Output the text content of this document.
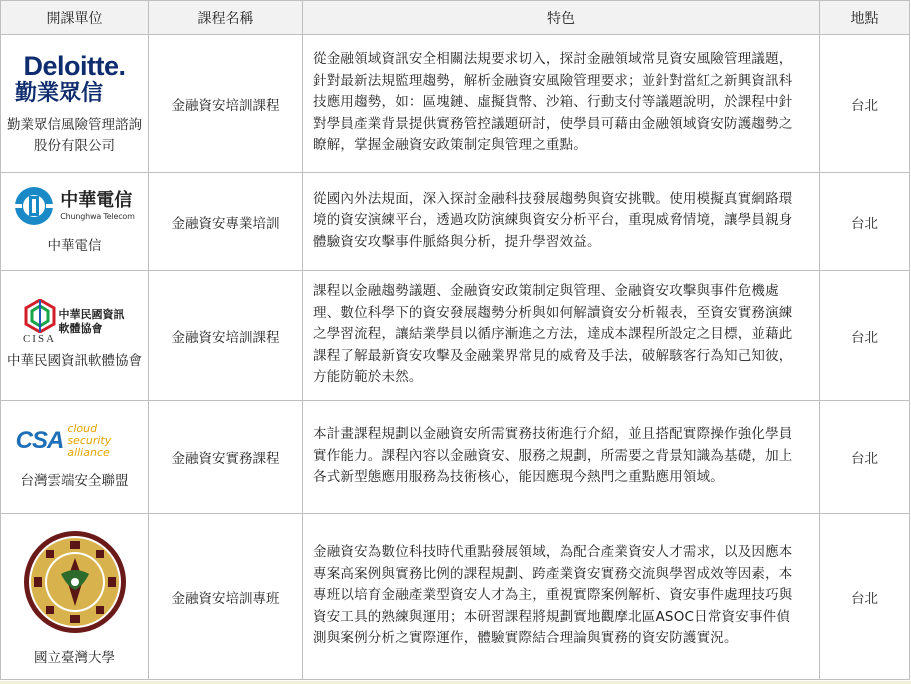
開課單位	課程名稱	特色	地點

Deloitte.
勤業眾信
勤業眾信風險管理諮詢股份有限公司	金融資安培訓課程	從金融領域資訊安全相關法規要求切入，探討金融領域常見資安風險管理議題，針對最新法規監理趨勢，解析金融資安風險管理要求；並針對當紅之新興資訊科技應用趨勢，如：區塊鏈、虛擬貨幣、沙箱、行動支付等議題說明，於課程中針對學員產業背景提供實務管控議題研討，使學員可藉由金融領域資安防護趨勢之瞭解，掌握金融資安政策制定與管理之重點。	台北

中華電信
Chunghwa Telecom
中華電信	金融資安專業培訓	從國內外法規面，深入探討金融科技發展趨勢與資安挑戰。使用模擬真實網路環境的資安演練平台，透過攻防演練與資安分析平台，重現威脅情境，讓學員親身體驗資安攻擊事件脈絡與分析，提升學習效益。	台北

CISA
中華民國資訊軟體協會
中華民國資訊軟體協會	金融資安培訓課程	課程以金融趨勢議題、金融資安政策制定與管理、金融資安攻擊與事件危機處理、數位科學下的資安發展趨勢分析與如何解讀資安分析報表，至資安實務演練之學習流程，讓結業學員以循序漸進之方法，達成本課程所設定之目標，並藉此課程了解最新資安攻擊及金融業界常見的威脅及手法，破解駭客行為知己知彼，方能防範於未然。	台北

CSA cloud security alliance
台灣雲端安全聯盟	金融資安實務課程	本計畫課程規劃以金融資安所需實務技術進行介紹，並且搭配實際操作強化學員實作能力。課程內容以金融資安、服務之規劃，所需要之背景知識為基礎，加上各式新型態應用服務為技術核心，能因應現今熱門之重點應用領域。	台北

國立臺灣大學	金融資安培訓專班	金融資安為數位科技時代重點發展領域，為配合產業資安人才需求，以及因應本專案高案例與實務比例的課程規劃、跨產業資安實務交流與學習成效等因素，本專班以培育金融產業型資安人才為主，重視實際案例解析、資安事件處理技巧與資安工具的熟練與運用；本研習課程將規劃實地觀摩北區ASOC日常資安事件偵測與案例分析之實際運作，體驗實際結合理論與實務的資安防護實況。	台北
